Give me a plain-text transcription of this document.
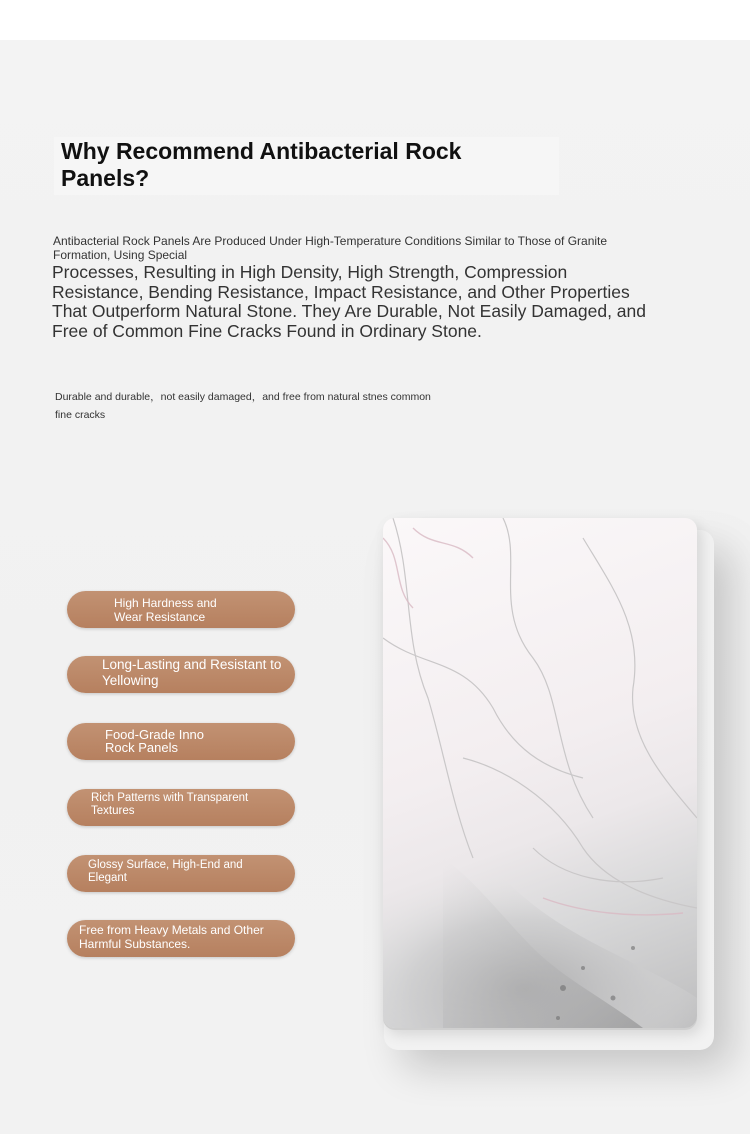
Why Recommend Antibacterial Rock Panels?
Antibacterial Rock Panels Are Produced Under High-Temperature Conditions Similar to Those of Granite Formation, Using Special
Processes, Resulting in High Density, High Strength, Compression Resistance, Bending Resistance, Impact Resistance, and Other Properties That Outperform Natural Stone. They Are Durable, Not Easily Damaged, and Free of Common Fine Cracks Found in Ordinary Stone.
Durable and durable，not easily damaged，and free from natural stnes common fine cracks
High Hardness and Wear Resistance
Long-Lasting and Resistant to Yellowing
Food-Grade Inno Rock Panels
Rich Patterns with Transparent Textures
Glossy Surface, High-End and Elegant
Free from Heavy Metals and Other Harmful Substances.
